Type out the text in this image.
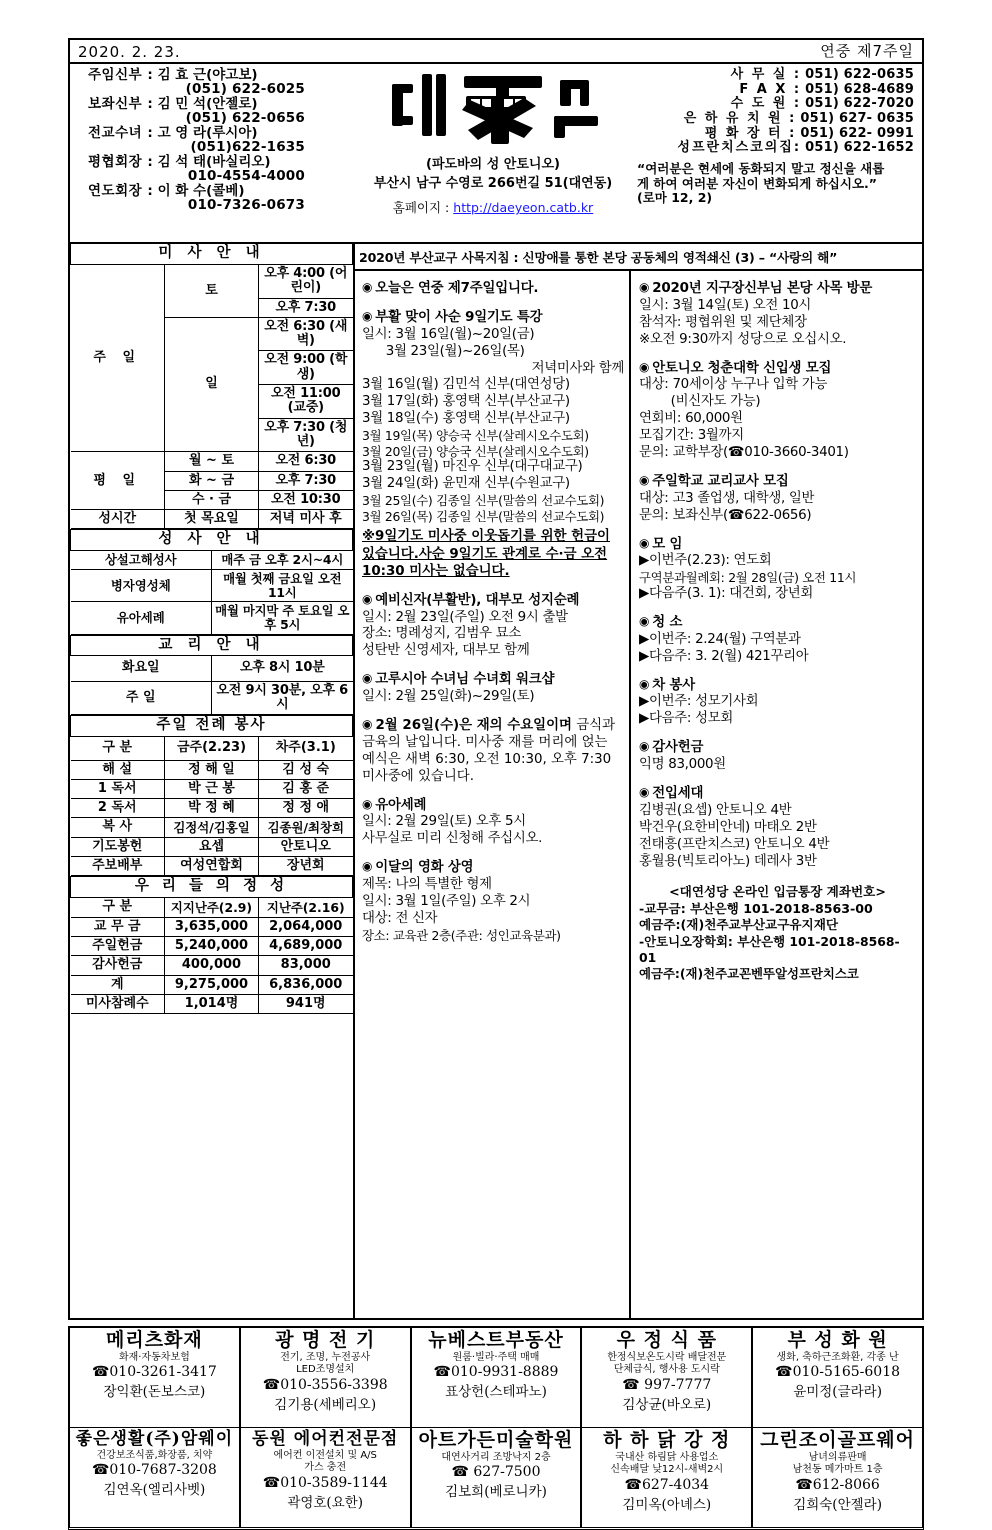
2020. 2. 23.	연중 제7주일
주임신부 : 김 효 근(야고보)
(051) 622-6025
보좌신부 : 김 민 석(안젤로)
(051) 622-0656
전교수녀 : 고 영 라(루시아)
(051)622-1635
평협회장 : 김 석 태(바실리오)
010-4554-4000
연도회장 : 이 화 수(콜베)
010-7326-0673
(파도바의 성 안토니오)
부산시 남구 수영로 266번길 51(대연동)
홈페이지 : http://daeyeon.catb.kr
사 무 실 : 051) 622-0635
F A X : 051) 628-4689
수 도 원 : 051) 622-7020
은 하 유 치 원 : 051) 627- 0635
평 화 장 터 : 051) 622- 0991
성프란치스코의집: 051) 622-1652
“여러분은 현세에 동화되지 말고 정신을 새롭
게 하여 여러분 자신이 변화되게 하십시오.”
(로마 12, 2)
미 사 안 내		
주 일	토	오후 4:00 (어린이)
		오후 7:30
	일	오전 6:30 (새벽)
		오전 9:00 (학생)
		오전 11:00 (교중)
		오후 7:30 (청년)
평 일	월 ~ 토	오전 6:30
	화 ~ 금	오후 7:30
	수 · 금	오전 10:30
성시간	첫 목요일	저녁 미사 후
성 사 안 내	
상설고해성사	매주 금 오후 2시~4시
병자영성체	매월 첫째 금요일 오전 11시
유아세례	매월 마지막 주 토요일 오후 5시
교 리 안 내	
화요일	오후 8시 10분
주 일	오전 9시 30분, 오후 6시
주일 전례 봉사		
구 분	금주(2.23)	차주(3.1)
해 설	정 해 일	김 성 숙
1 독서	박 근 봉	김 홍 준
2 독서	박 정 혜	정 정 애
복 사	김정석/김홍일	김종원/최창희
기도봉헌	요셉	안토니오
주보배부	여성연합회	장년회
우 리 들 의 정 성		
구 분	지지난주(2.9)	지난주(2.16)
교 무 금	3,635,000	2,064,000
주일헌금	5,240,000	4,689,000
감사헌금	400,000	83,000
계	9,275,000	6,836,000
미사참례수	1,014명	941명
2020년 부산교구 사목지침 : 신망애를 통한 본당 공동체의 영적쇄신 (3) – “사랑의 해”
◉ 오늘은 연중 제7주일입니다.
◉ 부활 맞이 사순 9일기도 특강
일시: 3월 16일(월)~20일(금)
3월 23일(월)~26일(목)
저녁미사와 함께
3월 16일(월) 김민석 신부(대연성당)
3월 17일(화) 홍영택 신부(부산교구)
3월 18일(수) 홍영택 신부(부산교구)
3월 19일(목) 양승국 신부(살레시오수도회)
3월 20일(금) 양승국 신부(살레시오수도회)
3월 23일(월) 마진우 신부(대구대교구)
3월 24일(화) 윤민재 신부(수원교구)
3월 25일(수) 김종일 신부(말씀의 선교수도회)
3월 26일(목) 김종일 신부(말씀의 선교수도회)
※9일기도 미사중 이웃돕기를 위한 헌금이 있습니다.사순 9일기도 관계로 수·금 오전 10:30 미사는 없습니다.
◉ 예비신자(부활반), 대부모 성지순례
일시: 2월 23일(주일) 오전 9시 출발
장소: 명례성지, 김범우 묘소
성탄반 신영세자, 대부모 함께
◉ 고루시아 수녀님 수녀회 워크샵
일시: 2월 25일(화)~29일(토)
◉ 2월 26일(수)은 재의 수요일이며 금식과 금육의 날입니다. 미사중 재를 머리에 얹는 예식은 새벽 6:30, 오전 10:30, 오후 7:30 미사중에 있습니다.
◉ 유아세례
일시: 2월 29일(토) 오후 5시
사무실로 미리 신청해 주십시오.
◉ 이달의 영화 상영
제목: 나의 특별한 형제
일시: 3월 1일(주일) 오후 2시
대상: 전 신자
장소: 교육관 2층(주관: 성인교육분과)
◉ 2020년 지구장신부님 본당 사목 방문
일시: 3월 14일(토) 오전 10시
참석자: 평협위원 및 제단체장
※오전 9:30까지 성당으로 오십시오.
◉ 안토니오 청춘대학 신입생 모집
대상: 70세이상 누구나 입학 가능
(비신자도 가능)
연회비: 60,000원
모집기간: 3월까지
문의: 교학부장(☎010-3660-3401)
◉ 주일학교 교리교사 모집
대상: 고3 졸업생, 대학생, 일반
문의: 보좌신부(☎622-0656)
◉ 모 임
▶이번주(2.23): 연도회
구역분과월례회: 2월 28일(금) 오전 11시
▶다음주(3. 1): 대건회, 장년회
◉ 청 소
▶이번주: 2.24(월) 구역분과
▶다음주: 3. 2(월) 421꾸리아
◉ 차 봉사
▶이번주: 성모기사회
▶다음주: 성모회
◉ 감사헌금
익명 83,000원
◉ 전입세대
김병권(요셉) 안토니오 4반
박건우(요한비안네) 마태오 2반
전태흥(프란치스코) 안토니오 4반
홍월용(빅토리아노) 데레사 3반
<대연성당 온라인 입금통장 계좌번호>
-교무금: 부산은행 101-2018-8563-00
예금주:(재)천주교부산교구유지재단
-안토니오장학회: 부산은행 101-2018-8568-01
예금주:(재)천주교꼰벤뚜알성프란치스코
메리츠화재
화재·자동차보험
☎010-3261-3417
장익환(돈보스코)
광 명 전 기
전기, 조명, 누전공사
LED조명설치
☎010-3556-3398
김기용(세베리오)
뉴베스트부동산
원룸·빌라·주택 매매
☎010-9931-8889
표상헌(스테파노)
우 정 식 품
한정식보온도시락 배달전문
단체급식, 행사용 도시락
☎ 997-7777
김상균(바오로)
부 성 화 원
생화, 축하근조화환, 각종 난
☎010-5165-6018
윤미정(글라라)
좋은생활(주)암웨이
건강보조식품,화장품, 치약
☎010-7687-3208
김연옥(엘리사벳)
동원 에어컨전문점
에어컨 이전설치 및 A/S
가스 충전
☎010-3589-1144
곽영호(요한)
아트가든미술학원
대연사거리 조방낙지 2층
☎ 627-7500
김보희(베로니카)
하 하 닭 강 정
국내산 하림닭 사용업소
신속배달 낮12시-새벽2시
☎627-4034
김미옥(아녜스)
그린조이골프웨어
남녀의류판매
남천동 메가마트 1층
☎612-8066
김희숙(안젤라)
